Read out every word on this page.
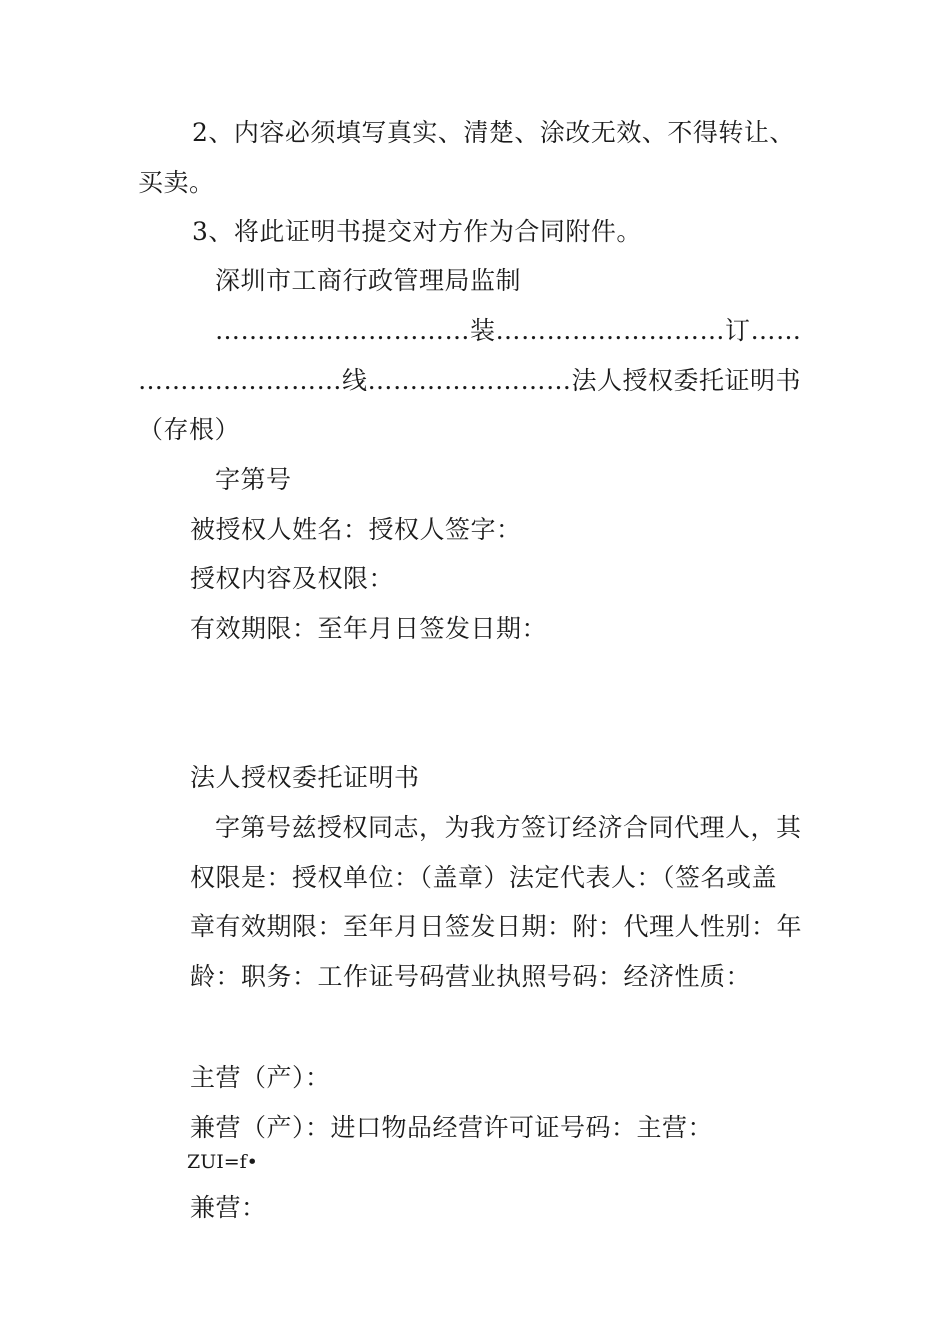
2、内容必须填写真实、清楚、涂改无效、不得转让、
买卖。
3、将此证明书提交对方作为合同附件。
深圳市工商行政管理局监制
…………………………装………………………订……
……………………线……………………法人授权委托证明书
（存根）
字第号
被授权人姓名：授权人签字：
授权内容及权限：
有效期限：至年月日签发日期：
法人授权委托证明书
字第号兹授权同志，为我方签订经济合同代理人，其
权限是：授权单位：（盖章）法定代表人：（签名或盖
章有效期限：至年月日签发日期：附：代理人性别：年
龄：职务：工作证号码营业执照号码：经济性质：
主营（产）：
兼营（产）：进口物品经营许可证号码：主营：
ZUI=f•
兼营：
